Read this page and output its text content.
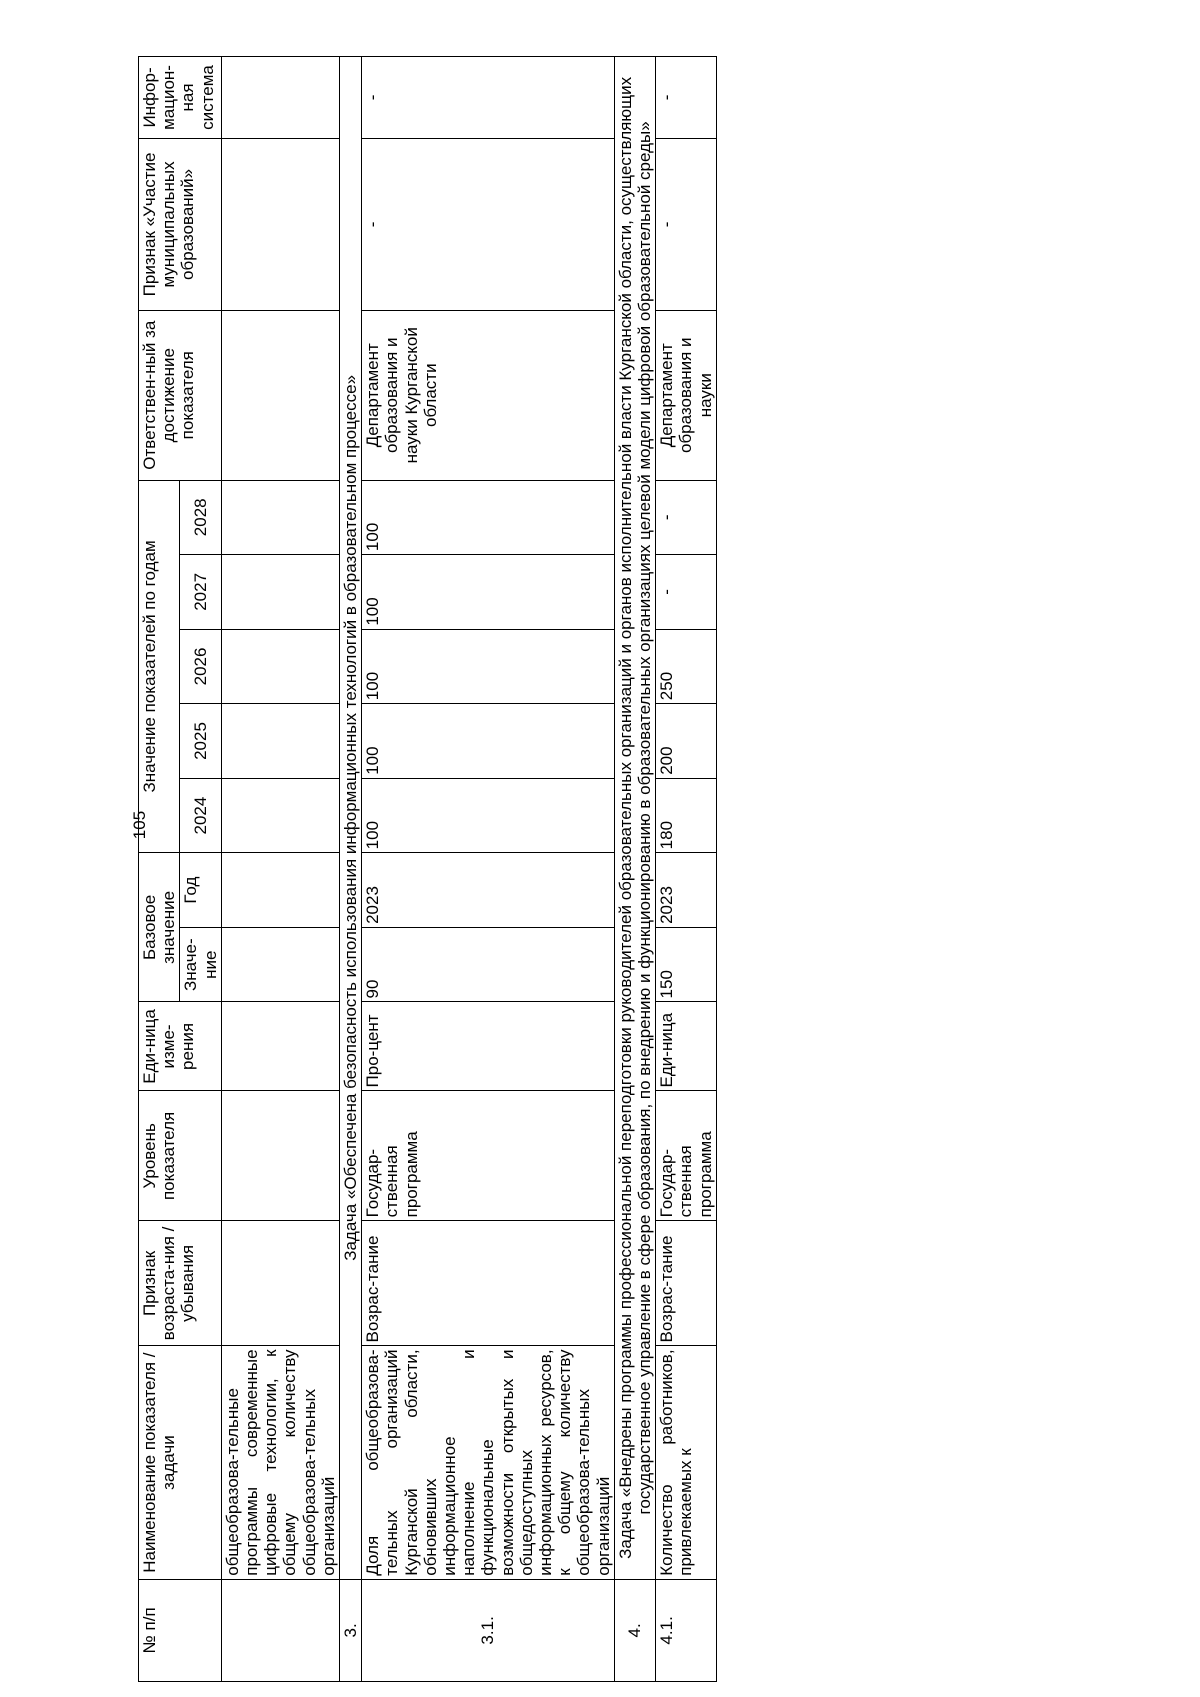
105
№ п/п	Наименование показателя / задачи	Признак возраста-ния / убывания	Уровень показателя	Еди-ница изме-рения	Базовое значение		Значение показателей по годам					Ответствен-ный за достижение показателя	Признак «Участие муниципальных образований»	Инфор-мацион-ная система
					Значе-ние	Год	2024	2025	2026	2027	2028			
	общеобразова-тельные программы современные цифровые технологии, к общему количеству общеобразова-тельных организаций													
3.	Задача «Обеспечена безопасность использования информационных технологий в образовательном процессе»													
3.1.	Доля общеобразова-тельных организаций Курганской области, обновивших информационное наполнение и функциональные возможности открытых и общедоступных информационных ресурсов, к общему количеству общеобразова-тельных организаций	Возрас-тание	Государ-ственная программа	Про-цент	90	2023	100	100	100	100	100	Департамент образования и науки Курганской области	-	-
4.	Задача «Внедрены программы профессиональной переподготовки руководителей образовательных организаций и органов исполнительной власти Курганской области, осуществляющих государственное управление в сфере образования, по внедрению и функционированию в образовательных организациях целевой модели цифровой образовательной среды»													
4.1.	Количество работников, привлекаемых к	Возрас-тание	Государ-ственная программа	Еди-ница	150	2023	180	200	250	-	-	Департамент образования и науки	-	-
